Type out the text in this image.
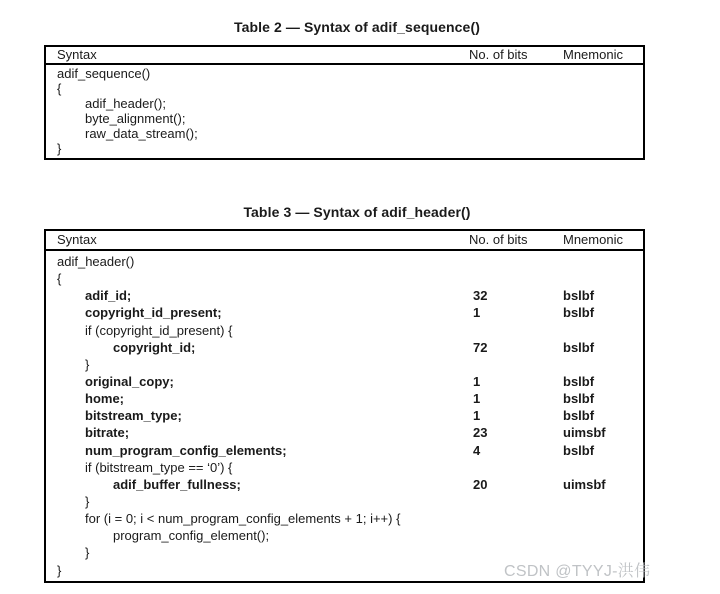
Table 2 — Syntax of adif_sequence()
Syntax	No. of bits	Mnemonic
adif_sequence()
{
adif_header();
byte_alignment();
raw_data_stream();
}
Table 3 — Syntax of adif_header()
Syntax	No. of bits	Mnemonic
adif_header()
{
adif_id;	32	bslbf
copyright_id_present;	1	bslbf
if (copyright_id_present) {
copyright_id;	72	bslbf
}
original_copy;	1	bslbf
home;	1	bslbf
bitstream_type;	1	bslbf
bitrate;	23	uimsbf
num_program_config_elements;	4	bslbf
if (bitstream_type == ‘0’) {
adif_buffer_fullness;	20	uimsbf
}
for (i = 0; i < num_program_config_elements + 1; i++) {
program_config_element();
}
}	CSDN @TYYJ-洪伟
